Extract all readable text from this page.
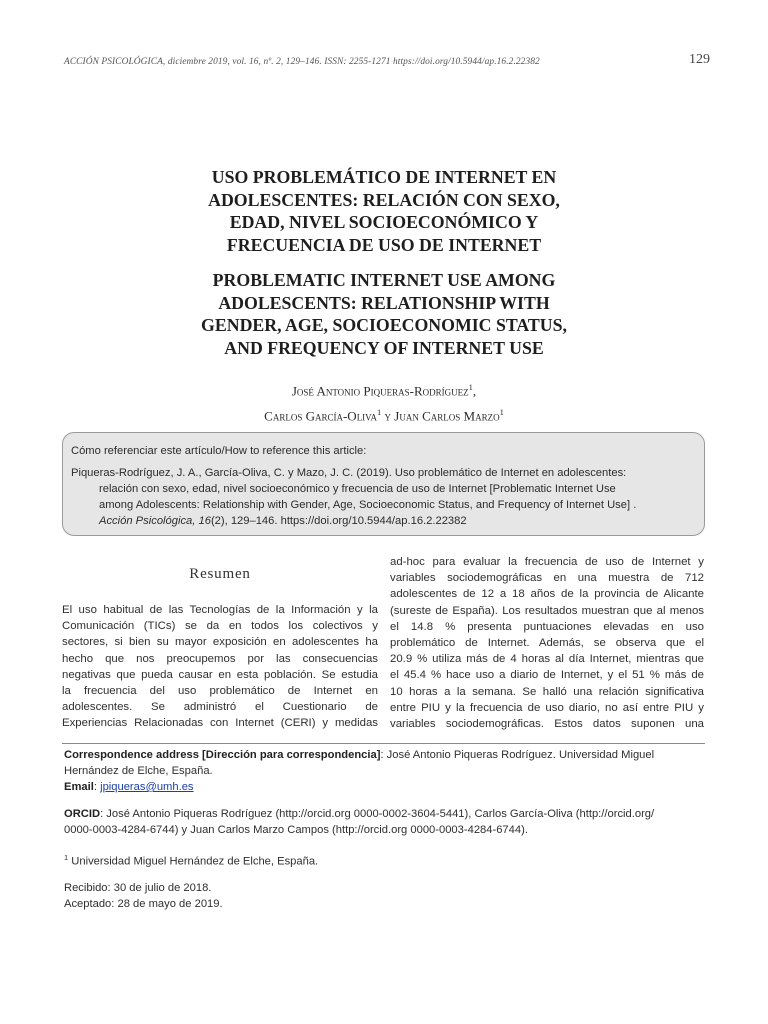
ACCIÓN PSICOLÓGICA, diciembre 2019, vol. 16, nº. 2, 129–146. ISSN: 2255-1271 https://doi.org/10.5944/ap.16.2.22382	129
USO PROBLEMÁTICO DE INTERNET EN
ADOLESCENTES: RELACIÓN CON SEXO,
EDAD, NIVEL SOCIOECONÓMICO Y
FRECUENCIA DE USO DE INTERNET
PROBLEMATIC INTERNET USE AMONG
ADOLESCENTS: RELATIONSHIP WITH
GENDER, AGE, SOCIOECONOMIC STATUS,
AND FREQUENCY OF INTERNET USE
José Antonio Piqueras-Rodríguez$^1$,
Carlos García-Oliva$^1$ y Juan Carlos Marzo$^1$
Cómo referenciar este artículo/How to reference this article:
Piqueras-Rodríguez, J. A., García-Oliva, C. y Mazo, J. C. (2019). Uso problemático de Internet en adolescentes:
relación con sexo, edad, nivel socioeconómico y frecuencia de uso de Internet [Problematic Internet Use
among Adolescents: Relationship with Gender, Age, Socioeconomic Status, and Frequency of Internet Use] .
Acción Psicológica, 16(2), 129–146. https://doi.org/10.5944/ap.16.2.22382
Resumen
El uso habitual de las Tecnologías de la Información y la
Comunicación (TICs) se da en todos los colectivos y
sectores, si bien su mayor exposición en adolescentes ha
hecho que nos preocupemos por las consecuencias
negativas que pueda causar en esta población. Se estudia
la frecuencia del uso problemático de Internet en
adolescentes. Se administró el Cuestionario de
Experiencias Relacionadas con Internet (CERI) y medidas
ad-hoc para evaluar la frecuencia de uso de Internet y
variables sociodemográficas en una muestra de 712
adolescentes de 12 a 18 años de la provincia de Alicante
(sureste de España). Los resultados muestran que al menos
el 14.8 % presenta puntuaciones elevadas en uso
problemático de Internet. Además, se observa que el
20.9 % utiliza más de 4 horas al día Internet, mientras que
el 45.4 % hace uso a diario de Internet, y el 51 % más de
10 horas a la semana. Se halló una relación significativa
entre PIU y la frecuencia de uso diario, no así entre PIU y
variables sociodemográficas. Estos datos suponen una
Correspondence address [Dirección para correspondencia]: José Antonio Piqueras Rodríguez. Universidad Miguel
Hernández de Elche, España.
Email: jpiqueras@umh.es
ORCID: José Antonio Piqueras Rodríguez (http://orcid.org 0000-0002-3604-5441), Carlos García-Oliva (http://orcid.org/
0000-0003-4284-6744) y Juan Carlos Marzo Campos (http://orcid.org 0000-0003-4284-6744).
$^1$ Universidad Miguel Hernández de Elche, España.
Recibido: 30 de julio de 2018.
Aceptado: 28 de mayo de 2019.
